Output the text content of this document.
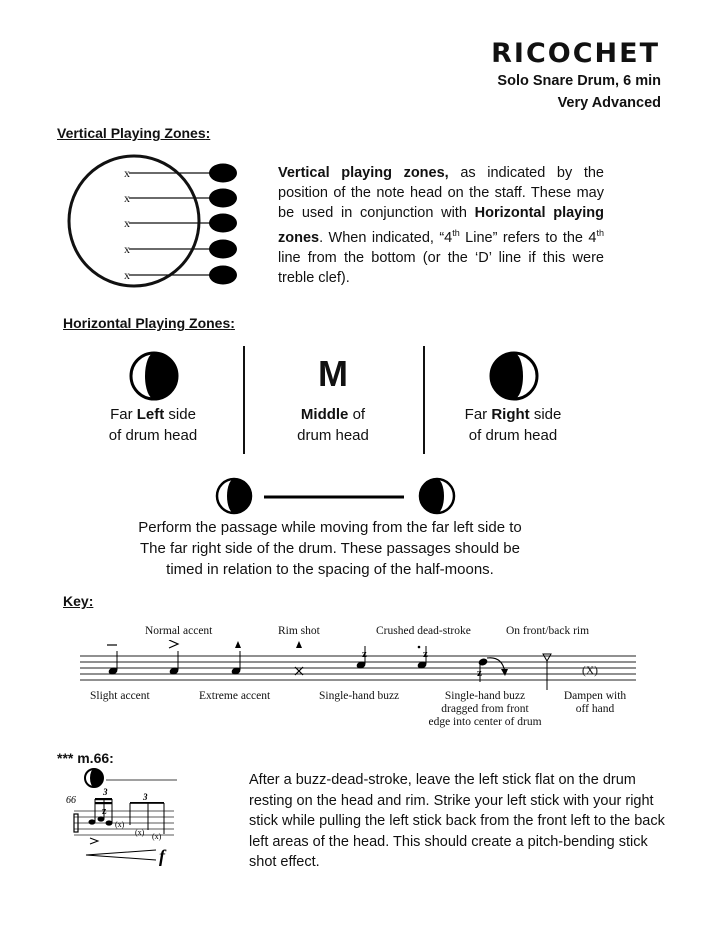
RICOCHET
Solo Snare Drum, 6 min
Very Advanced
Vertical Playing Zones:
x
x
x
x
x
Vertical playing zones, as indicated by the position of the note head on the staff. These may be used in conjunction with Horizontal playing zones. When indicated, “4th Line” refers to the 4th line from the bottom (or the ‘D’ line if this were treble clef).
Horizontal Playing Zones:
Far Left side
of drum head
M
Middle of
drum head
Far Right side
of drum head
Perform the passage while moving from the far left side to
The far right side of the drum. These passages should be
timed in relation to the spacing of the half-moons.
Key:
Normal accent	Rim shot	Crushed dead-stroke	On front/back rim
z	z
z	(X)
Slight accent	Extreme accent	Single-hand buzz	Single-hand buzz
dragged from front
edge into center of drum
Dampen with
off hand
*** m.66:
z
(x)
(x) (x)
66
3	3
f
After a buzz-dead-stroke, leave the left stick flat on the drum resting on the head and rim. Strike your left stick with your right stick while pulling the left stick back from the front left to the back left areas of the head. This should create a pitch-bending stick shot effect.
